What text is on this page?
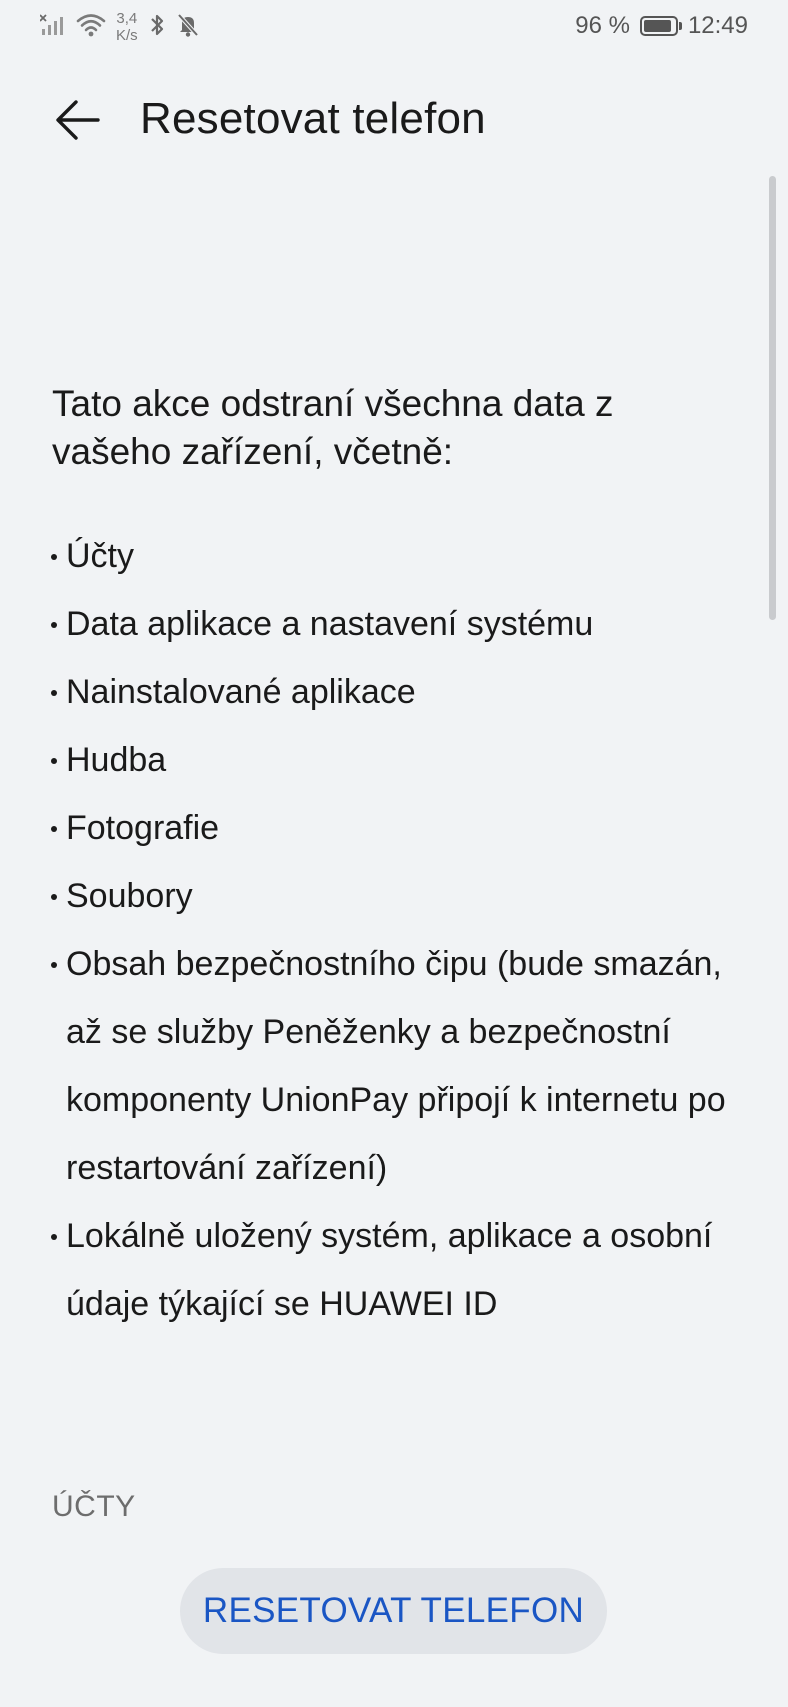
3,4
K/s	96 % 12:49
Resetovat telefon
Tato akce odstraní všechna data z vašeho zařízení, včetně:
Účty
Data aplikace a nastavení systému
Nainstalované aplikace
Hudba
Fotografie
Soubory
Obsah bezpečnostního čipu (bude smazán, až se služby Peněženky a bezpečnostní komponenty UnionPay připojí k internetu po restartování zařízení)
Lokálně uložený systém, aplikace a osobní údaje týkající se HUAWEI ID
ÚČTY
RESETOVAT TELEFON
